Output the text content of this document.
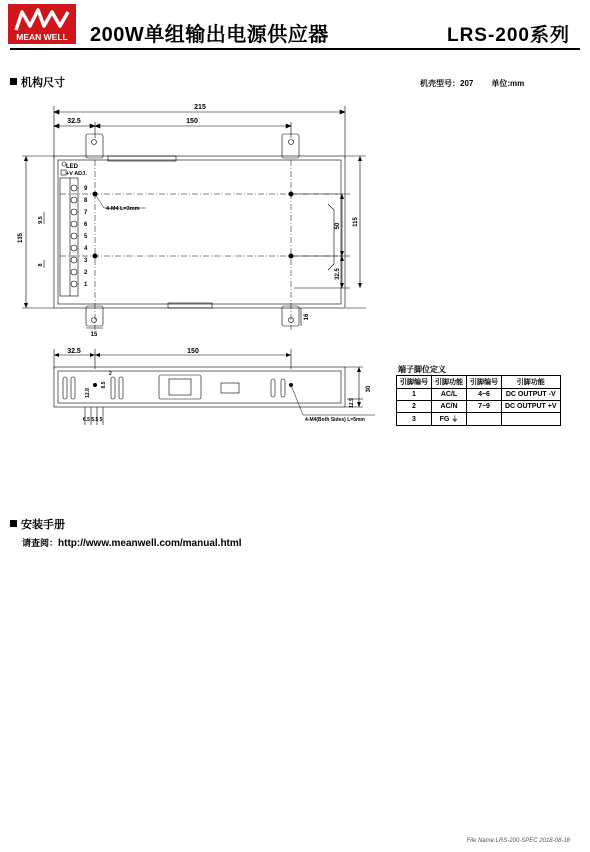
MEAN WELL 200W单组输出电源供应器	LRS-200系列
机构尺寸	机壳型号：207 单位:mm
215
32.5	150
LED
+V ADJ.
4-M4 L=3mm
135
9.5
8
115
50
32.5
15
16
9
8
7
6
5
4
3
2
1
32.5	150
30
12.5
12.8
8.5
2
6.5 5.5 5	4-M4(Both Sides) L=5mm
端子脚位定义
引脚编号	引脚功能	引脚编号	引脚功能
1	AC/L	4~6	DC OUTPUT -V
2	AC/N	7~9	DC OUTPUT +V
3	FG ⏚		
安装手册
请查阅：http://www.meanwell.com/manual.html
File Name:LRS-200-SPEC 2018-08-18
